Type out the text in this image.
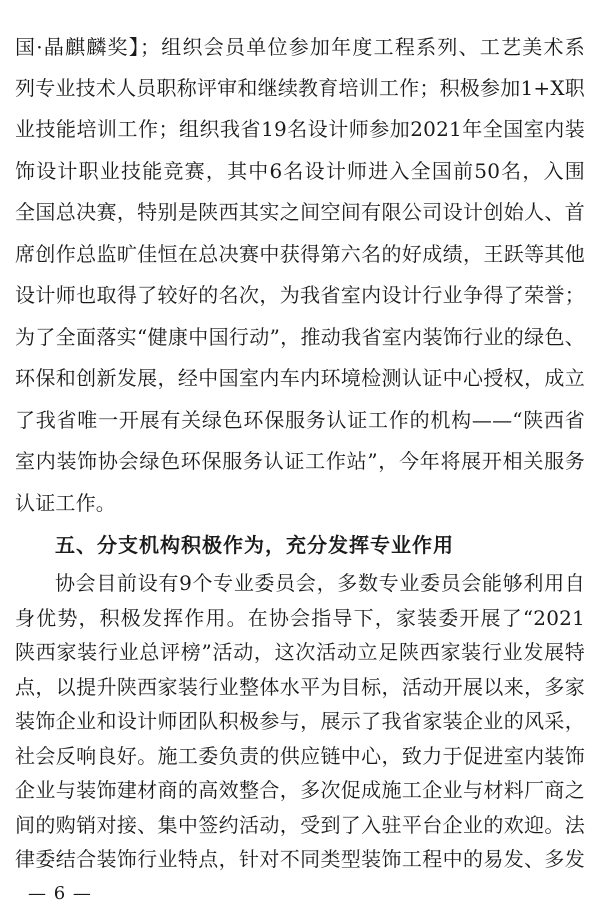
国·晶麒麟奖】；组织会员单位参加年度工程系列、工艺美术系
列专业技术人员职称评审和继续教育培训工作；积极参加1+X职
业技能培训工作；组织我省19名设计师参加2021年全国室内装
饰设计职业技能竞赛，其中6名设计师进入全国前50名，入围
全国总决赛，特别是陕西其实之间空间有限公司设计创始人、首
席创作总监旷佳恒在总决赛中获得第六名的好成绩，王跃等其他
设计师也取得了较好的名次，为我省室内设计行业争得了荣誉；
为了全面落实“健康中国行动”，推动我省室内装饰行业的绿色、
环保和创新发展，经中国室内车内环境检测认证中心授权，成立
了我省唯一开展有关绿色环保服务认证工作的机构——“陕西省
室内装饰协会绿色环保服务认证工作站”，今年将展开相关服务
认证工作。
五、分支机构积极作为，充分发挥专业作用
协会目前设有9个专业委员会，多数专业委员会能够利用自
身优势，积极发挥作用。在协会指导下，家装委开展了“2021
陕西家装行业总评榜”活动，这次活动立足陕西家装行业发展特
点，以提升陕西家装行业整体水平为目标，活动开展以来，多家
装饰企业和设计师团队积极参与，展示了我省家装企业的风采，
社会反响良好。施工委负责的供应链中心，致力于促进室内装饰
企业与装饰建材商的高效整合，多次促成施工企业与材料厂商之
— 6 —
间的购销对接、集中签约活动，受到了入驻平台企业的欢迎。法
律委结合装饰行业特点，针对不同类型装饰工程中的易发、多发
